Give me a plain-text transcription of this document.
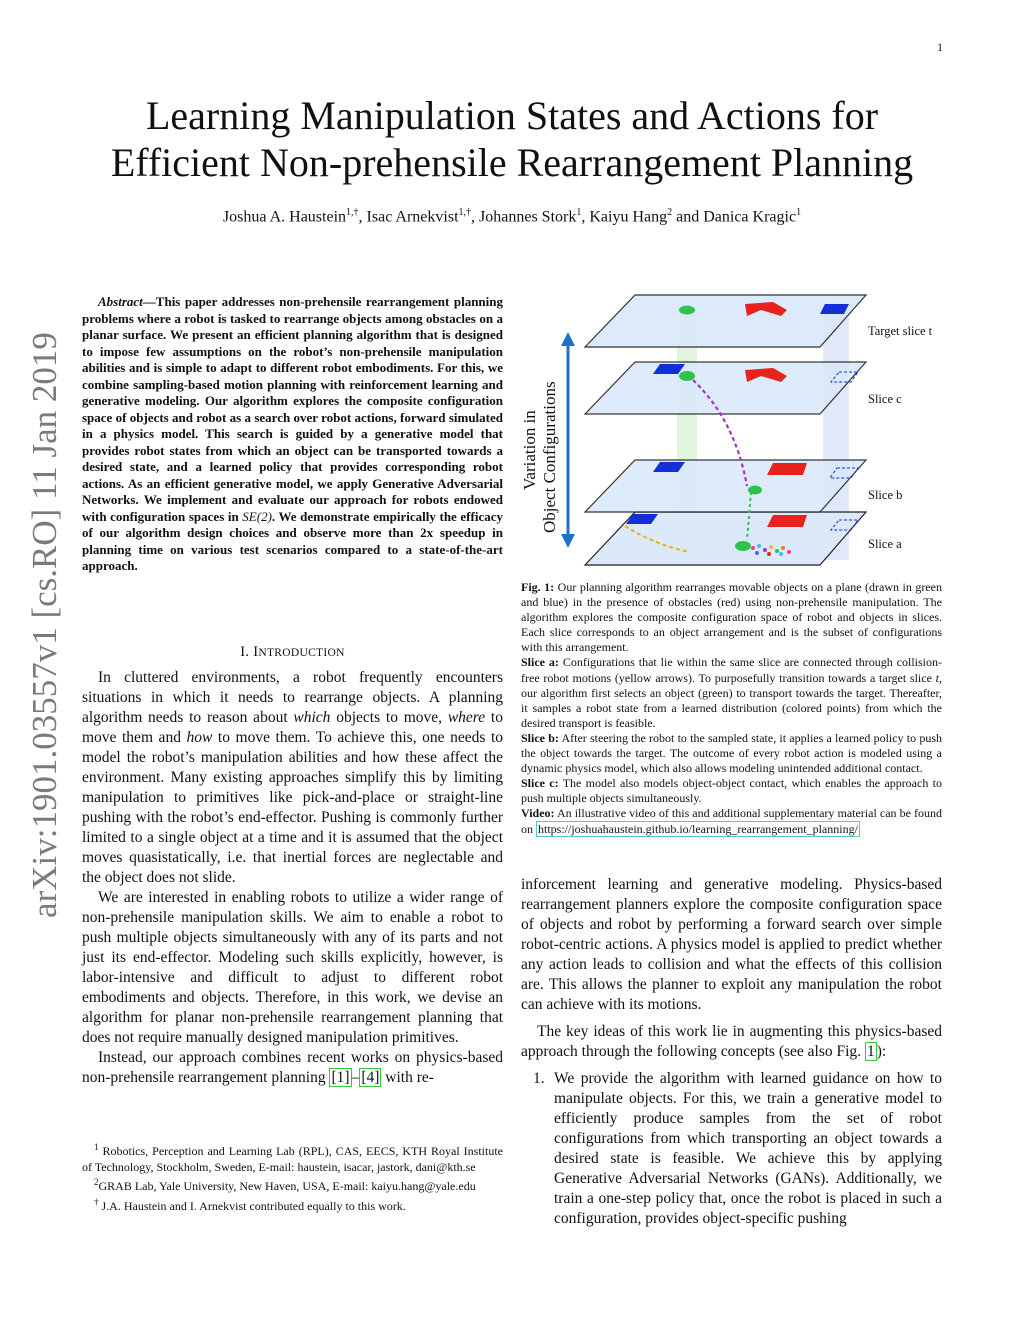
1
arXiv:1901.03557v1 [cs.RO] 11 Jan 2019
Learning Manipulation States and Actions for
Efficient Non-prehensile Rearrangement Planning
Joshua A. Haustein$^{1,\dagger}$, Isac Arnekvist$^{1,\dagger}$, Johannes Stork$^1$, Kaiyu Hang$^2$ and Danica Kragic$^1$
Abstract—This paper addresses non-prehensile rearrangement planning problems where a robot is tasked to rearrange objects among obstacles on a planar surface. We present an efficient planning algorithm that is designed to impose few assumptions on the robot’s non-prehensile manipulation abilities and is simple to adapt to different robot embodiments. For this, we combine sampling-based motion planning with reinforcement learning and generative modeling. Our algorithm explores the composite configuration space of objects and robot as a search over robot actions, forward simulated in a physics model. This search is guided by a generative model that provides robot states from which an object can be transported towards a desired state, and a learned policy that provides corresponding robot actions. As an efficient generative model, we apply Generative Adversarial Networks. We implement and evaluate our approach for robots endowed with configuration spaces in SE(2). We demonstrate empirically the efficacy of our algorithm design choices and observe more than 2x speedup in planning time on various test scenarios compared to a state-of-the-art approach.
I. INTRODUCTION

In cluttered environments, a robot frequently encounters situations in which it needs to rearrange objects. A planning algorithm needs to reason about which objects to move, where to move them and how to move them. To achieve this, one needs to model the robot’s manipulation abilities and how these affect the environment. Many existing approaches simplify this by limiting manipulation to primitives like pick-and-place or straight-line pushing with the robot’s end-effector. Pushing is commonly further limited to a single object at a time and it is assumed that the object moves quasistatically, i.e. that inertial forces are neglectable and the object does not slide.

We are interested in enabling robots to utilize a wider range of non-prehensile manipulation skills. We aim to enable a robot to push multiple objects simultaneously with any of its parts and not just its end-effector. Modeling such skills explicitly, however, is labor-intensive and difficult to adjust to different robot embodiments and objects. Therefore, in this work, we devise an algorithm for planar non-prehensile rearrangement planning that does not require manually designed manipulation primitives.

Instead, our approach combines recent works on physics-based non-prehensile rearrangement planning [1] – [4] with re-

$^1$ Robotics, Perception and Learning Lab (RPL), CAS, EECS, KTH Royal Institute of Technology, Stockholm, Sweden, E-mail: haustein, isacar, jastork, dani@kth.se

$^2$GRAB Lab, Yale University, New Haven, USA, E-mail: kaiyu.hang@yale.edu

† J.A. Haustein and I. Arnekvist contributed equally to this work.

Variation in Object Configurations
Target slice t
Slice c
Slice b
Slice a

Fig. 1: Our planning algorithm rearranges movable objects on a plane (drawn in green and blue) in the presence of obstacles (red) using non-prehensile manipulation. The algorithm explores the composite configuration space of robot and objects in slices. Each slice corresponds to an object arrangement and is the subset of configurations with this arrangement.

Slice a: Configurations that lie within the same slice are connected through collision-free robot motions (yellow arrows). To purposefully transition towards a target slice t, our algorithm first selects an object (green) to transport towards the target. Thereafter, it samples a robot state from a learned distribution (colored points) from which the desired transport is feasible.

Slice b: After steering the robot to the sampled state, it applies a learned policy to push the object towards the target. The outcome of every robot action is modeled using a dynamic physics model, which also allows modeling unintended additional contact.

Slice c: The model also models object-object contact, which enables the approach to push multiple objects simultaneously.

Video: An illustrative video of this and additional supplementary material can be found on https://joshuahaustein.github.io/learning_rearrangement_planning/

inforcement learning and generative modeling. Physics-based rearrangement planners explore the composite configuration space of objects and robot by performing a forward search over simple robot-centric actions. A physics model is applied to predict whether any action leads to collision and what the effects of this collision are. This allows the planner to exploit any manipulation the robot can achieve with its motions.

The key ideas of this work lie in augmenting this physics-based approach through the following concepts (see also Fig. 1 ):

1. We provide the algorithm with learned guidance on how to manipulate objects. For this, we train a generative model to efficiently produce samples from the set of robot configurations from which transporting an object towards a desired state is feasible. We achieve this by applying Generative Adversarial Networks (GANs). Additionally, we train a one-step policy that, once the robot is placed in such a configuration, provides object-specific pushing
